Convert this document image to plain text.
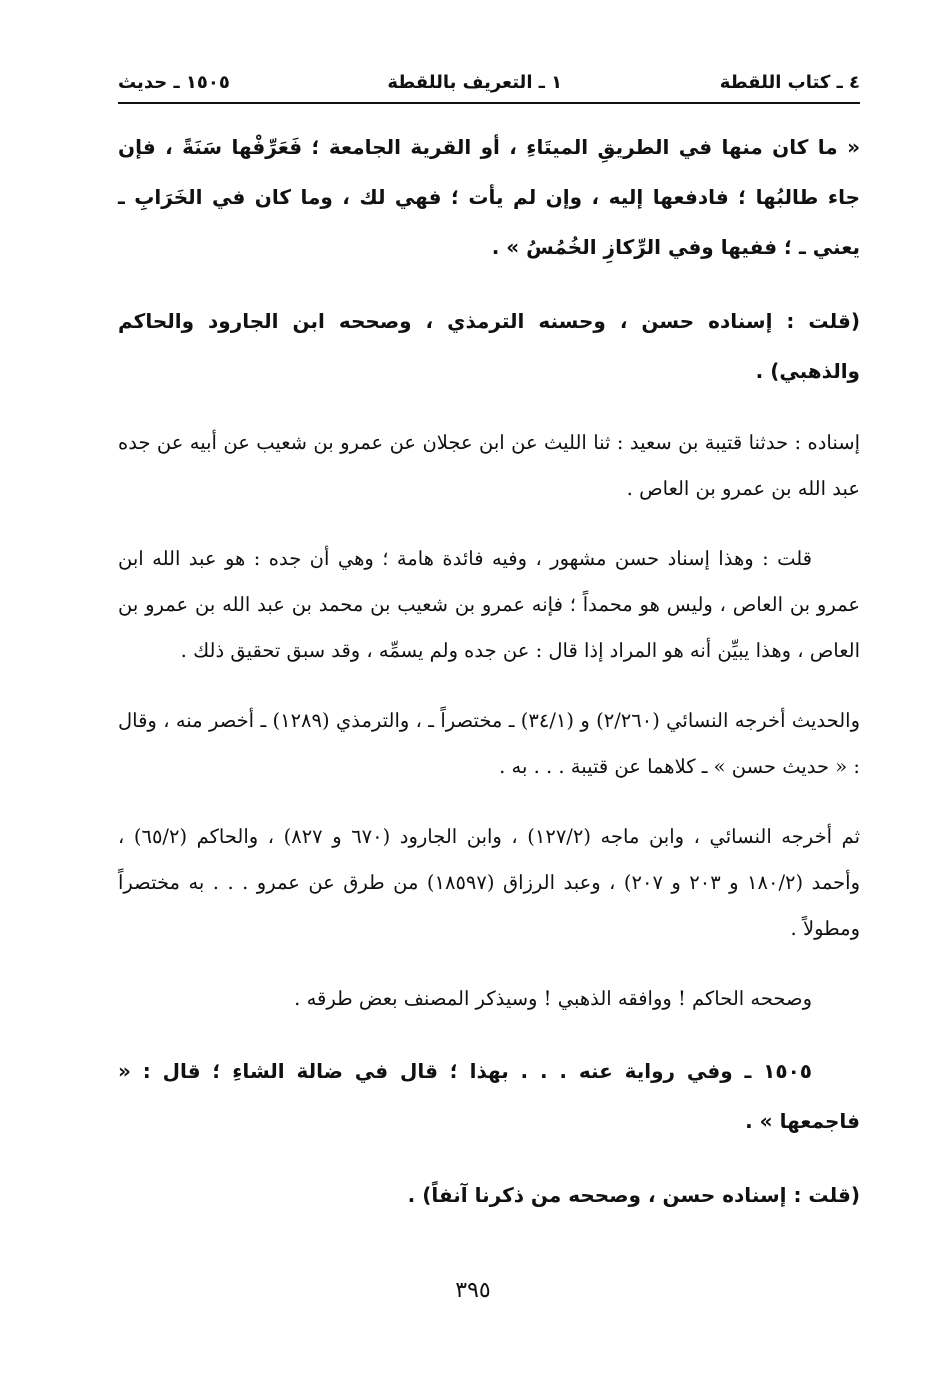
٤ ـ كتاب اللقطة
١ ـ التعريف باللقطة
١٥٠٥ ـ حديث

« ما كان منها في الطريقِ الميتَاءِ ، أو القرية الجامعة ؛ فَعَرِّفْها سَنَةً ، فإن جاء طالبُها ؛ فادفعها إليه ، وإن لم يأت ؛ فهي لك ، وما كان في الخَرَابِ ـ يعني ـ ؛ ففيها وفي الرِّكازِ الخُمُسُ » .

(قلت : إسناده حسن ، وحسنه الترمذي ، وصححه ابن الجارود والحاكم والذهبي) .

إسناده : حدثنا قتيبة بن سعيد : ثنا الليث عن ابن عجلان عن عمرو بن شعيب عن أبيه عن جده عبد الله بن عمرو بن العاص .

قلت : وهذا إسناد حسن مشهور ، وفيه فائدة هامة ؛ وهي أن جده : هو عبد الله ابن عمرو بن العاص ، وليس هو محمداً ؛ فإنه عمرو بن شعيب بن محمد بن عبد الله بن عمرو بن العاص ، وهذا يبيِّن أنه هو المراد إذا قال : عن جده ولم يسمِّه ، وقد سبق تحقيق ذلك .

والحديث أخرجه النسائي (٢/٢٦٠) و (٣٤/١) ـ مختصراً ـ ، والترمذي (١٢٨٩) ـ أخصر منه ، وقال : « حديث حسن » ـ كلاهما عن قتيبة . . . به .

ثم أخرجه النسائي ، وابن ماجه (١٢٧/٢) ، وابن الجارود (٦٧٠ و ٨٢٧) ، والحاكم (٦٥/٢) ، وأحمد (١٨٠/٢ و ٢٠٣ و ٢٠٧) ، وعبد الرزاق (١٨٥٩٧) من طرق عن عمرو . . . به مختصراً ومطولاً .

وصححه الحاكم ! ووافقه الذهبي ! وسيذكر المصنف بعض طرقه .

١٥٠٥ ـ وفي رواية عنه . . . بهذا ؛ قال في ضالة الشاءِ ؛ قال : « فاجمعها » .

(قلت : إسناده حسن ، وصححه من ذكرنا آنفاً) .

٣٩٥
